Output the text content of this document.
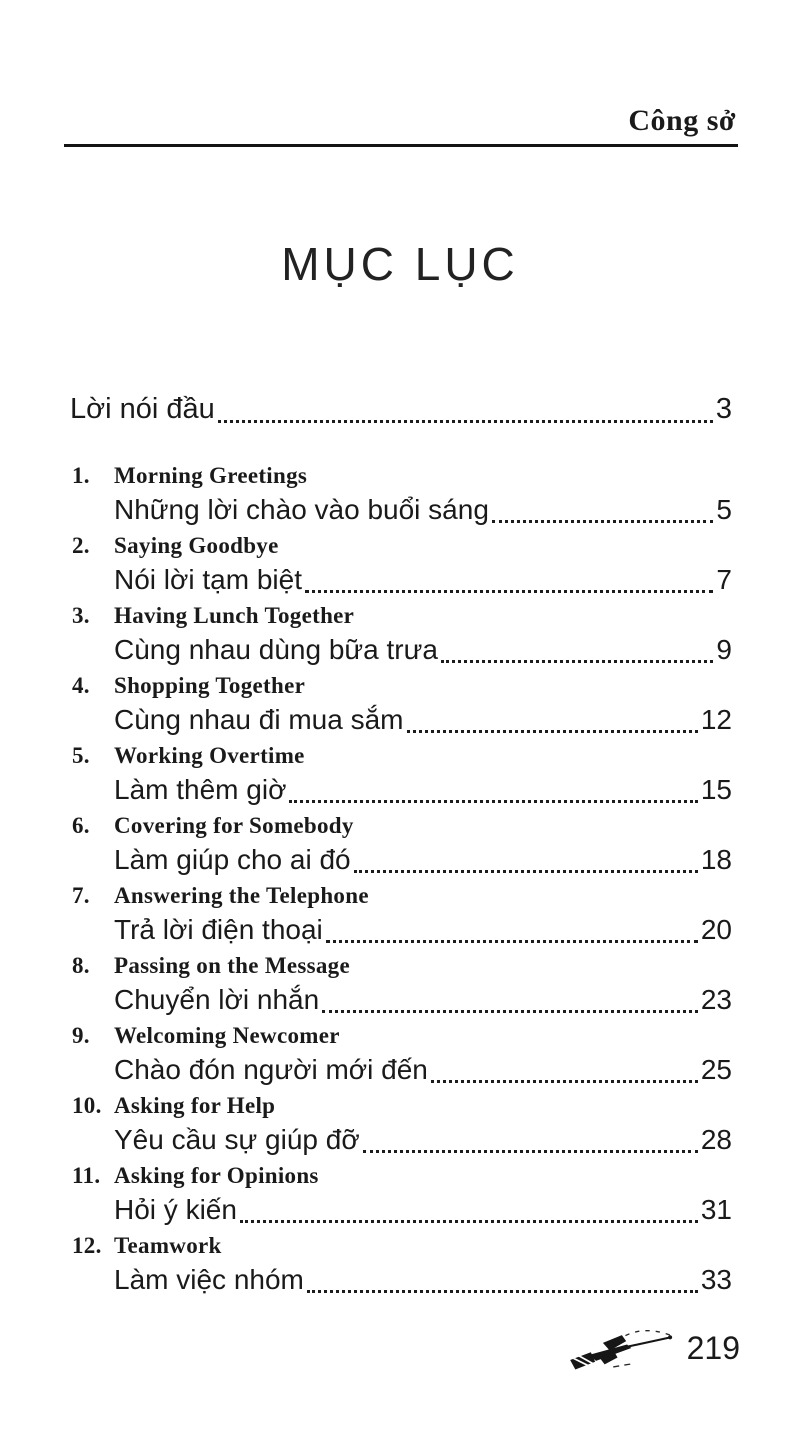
Công sở
MỤC LỤC
Lời nói đầu	3
1.	Morning Greetings
Những lời chào vào buổi sáng	5
2.	Saying Goodbye
Nói lời tạm biệt	7
3.	Having Lunch Together
Cùng nhau dùng bữa trưa	9
4.	Shopping Together
Cùng nhau đi mua sắm	12
5.	Working Overtime
Làm thêm giờ	15
6.	Covering for Somebody
Làm giúp cho ai đó	18
7.	Answering the Telephone
Trả lời điện thoại	20
8.	Passing on the Message
Chuyển lời nhắn	23
9.	Welcoming Newcomer
Chào đón người mới đến	25
10. Asking for Help
Yêu cầu sự giúp đỡ	28
11. Asking for Opinions
Hỏi ý kiến	31
12. Teamwork
Làm việc nhóm	33
219
